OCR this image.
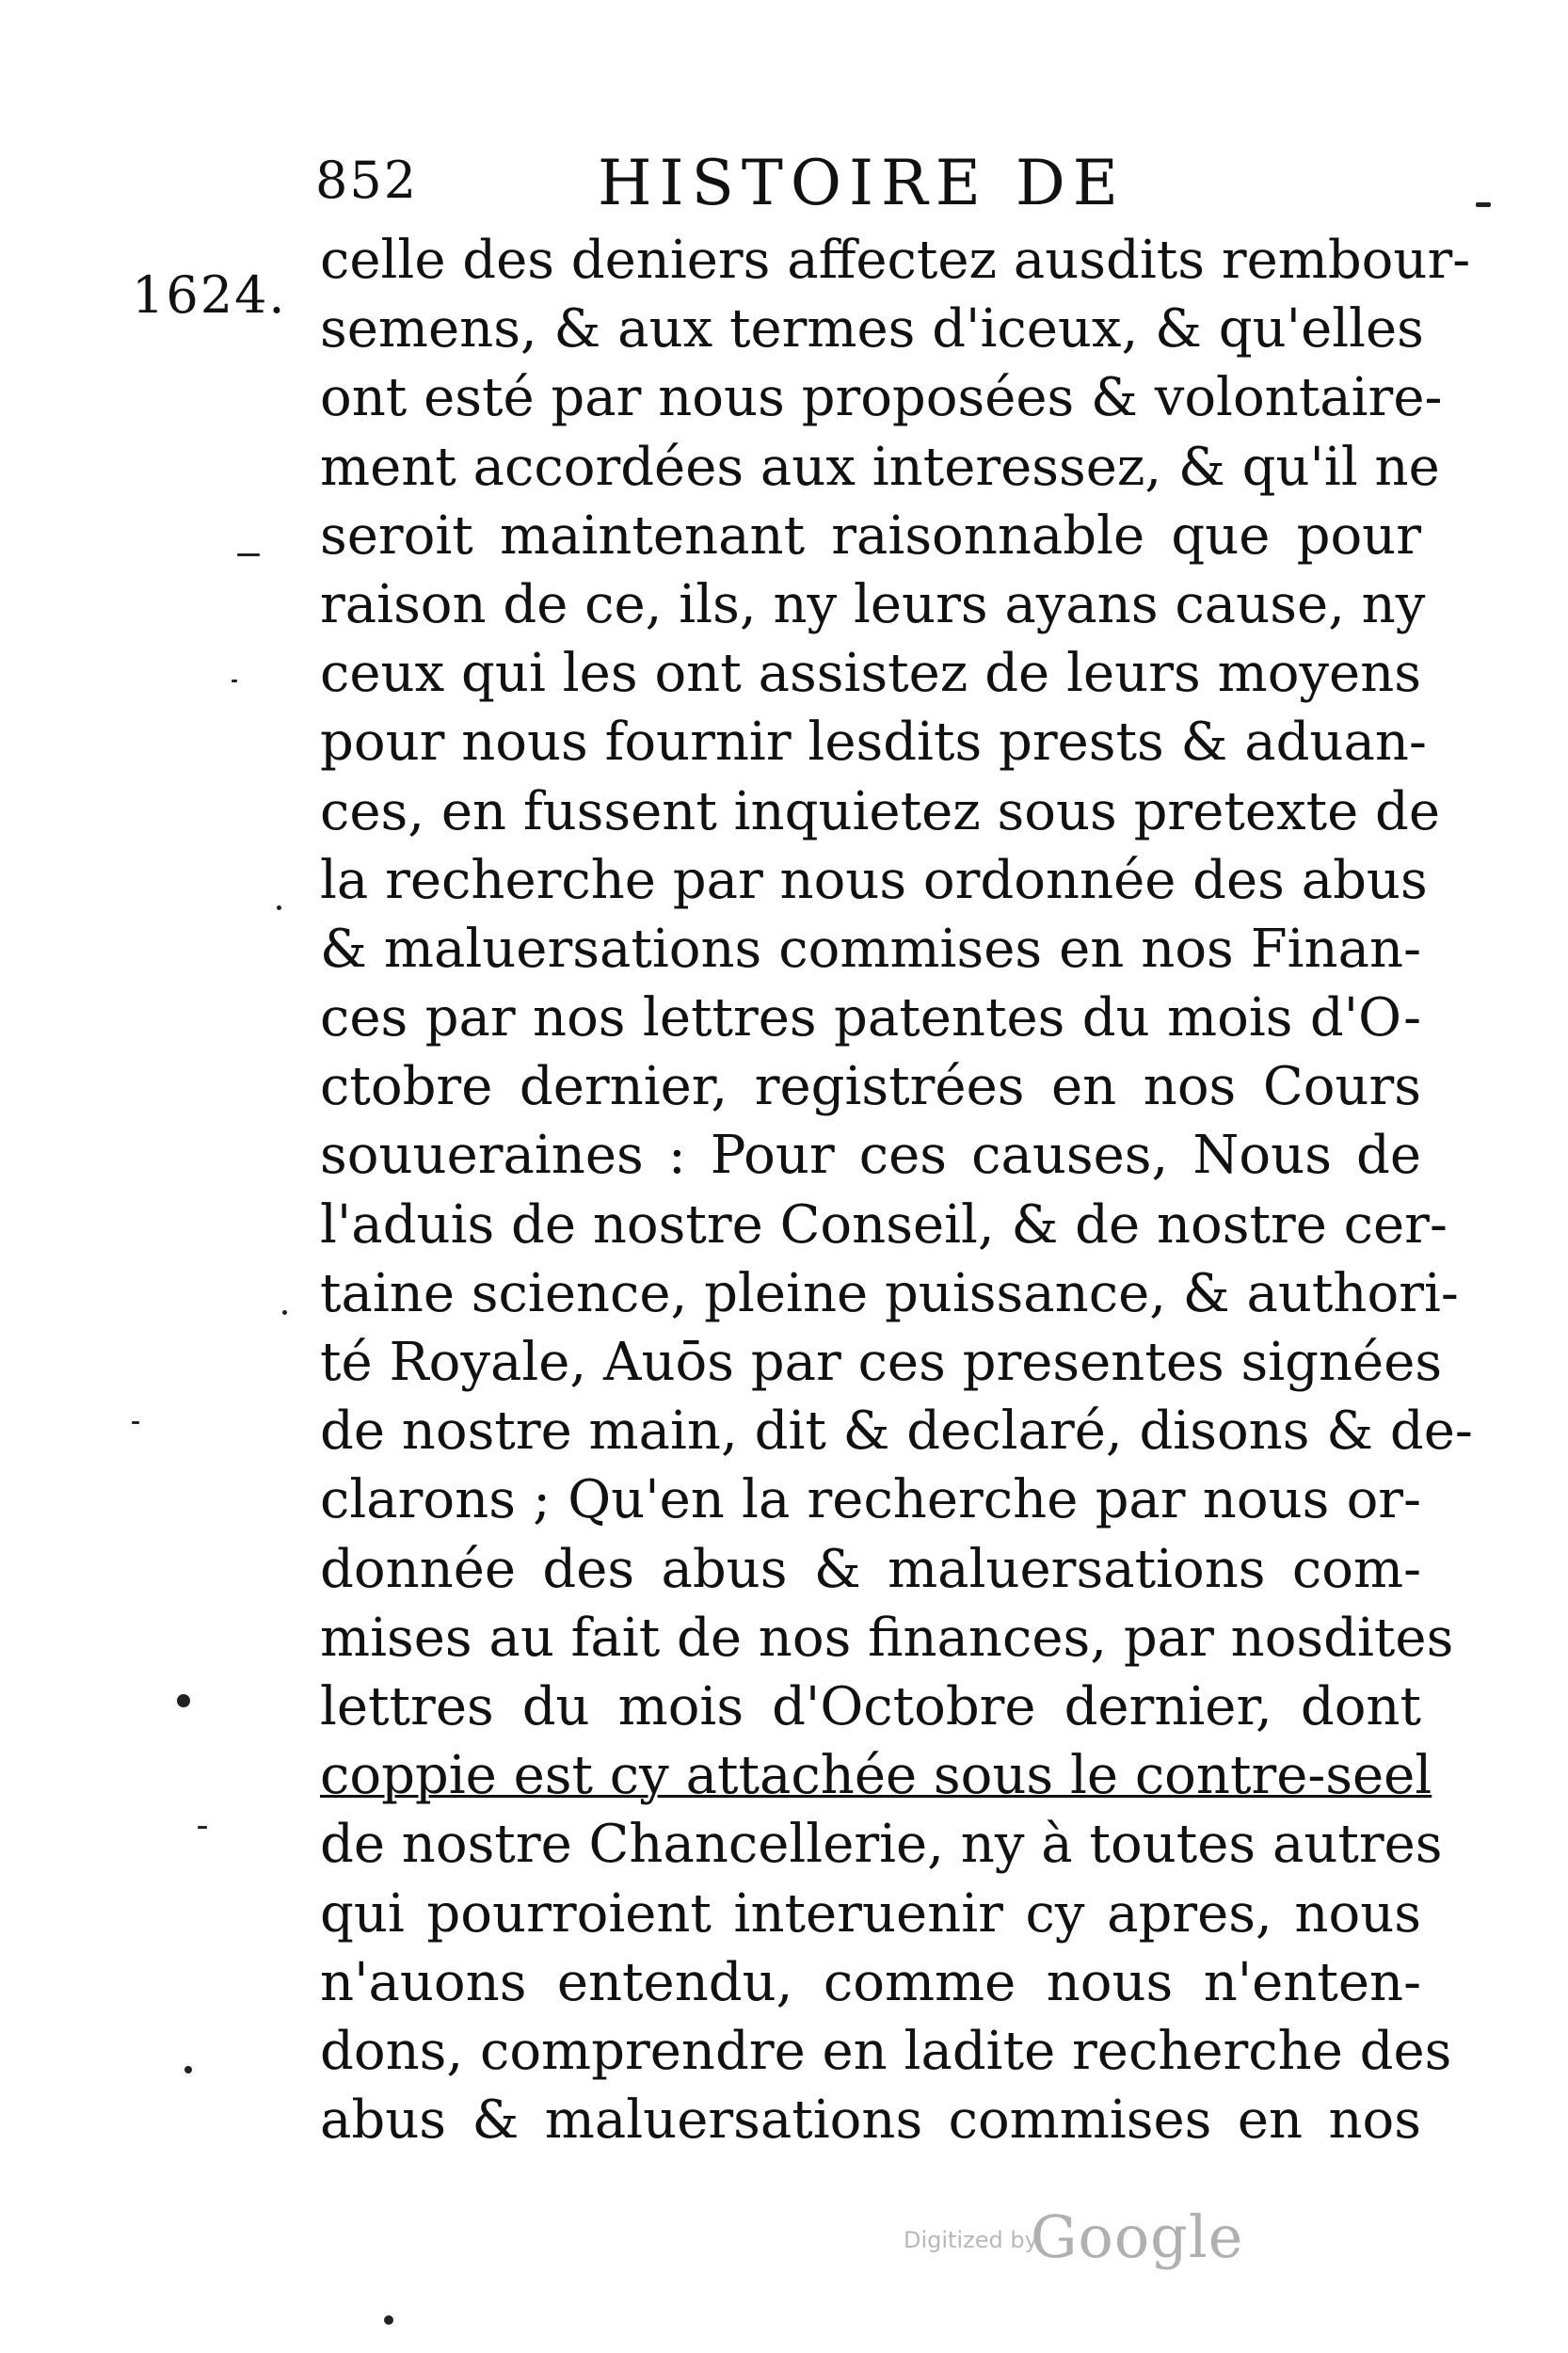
852	HISTOIRE DE
1624.
celle des deniers affectez ausdits rembour-
semens, & aux termes d'iceux, & qu'elles
ont esté par nous proposées & volontaire-
ment accordées aux interessez, & qu'il ne
seroit maintenant raisonnable que pour
raison de ce, ils, ny leurs ayans cause, ny
ceux qui les ont assistez de leurs moyens
pour nous fournir lesdits prests & aduan-
ces, en fussent inquietez sous pretexte de
la recherche par nous ordonnée des abus
& maluersations commises en nos Finan-
ces par nos lettres patentes du mois d'O-
ctobre dernier, registrées en nos Cours
souueraines : Pour ces causes, Nous de
l'aduis de nostre Conseil, & de nostre cer-
taine science, pleine puissance, & authori-
té Royale, Auōs par ces presentes signées
de nostre main, dit & declaré, disons & de-
clarons ; Qu'en la recherche par nous or-
donnée des abus & maluersations com-
mises au fait de nos finances, par nosdites
lettres du mois d'Octobre dernier, dont
coppie est cy attachée sous le contre-seel
de nostre Chancellerie, ny à toutes autres
qui pourroient interuenir cy apres, nous
n'auons entendu, comme nous n'enten-
dons, comprendre en ladite recherche des
abus & maluersations commises en nos
Digitized by
Google
